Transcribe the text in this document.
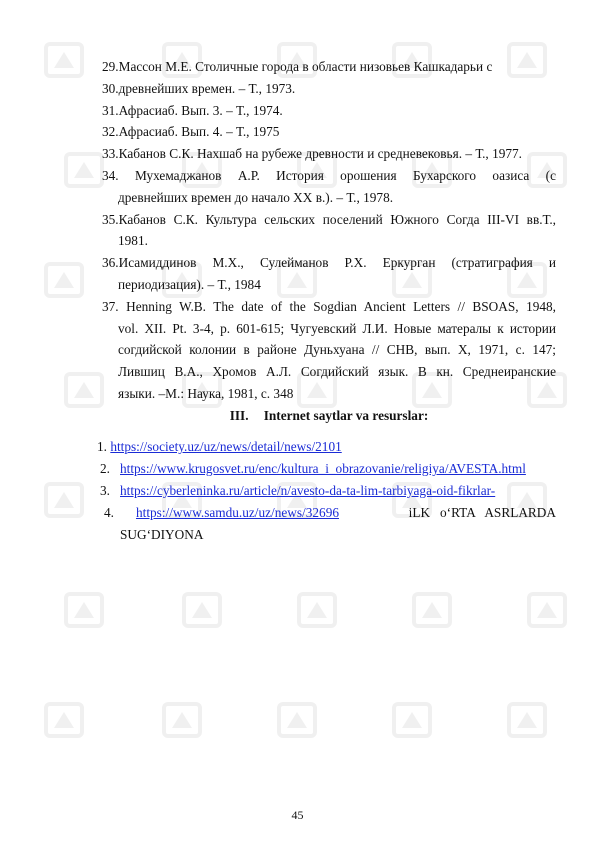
29.Массон М.Е. Столичные города в области низовьев Кашкадарьи с
30.древнейших времен. – Т., 1973.
31.Афрасиаб. Вып. 3. – Т., 1974.
32.Афрасиаб. Вып. 4. – Т., 1975
33.Кабанов С.К. Нахшаб на рубеже древности и средневековья. – Т., 1977.
34. Мухемаджанов А.Р. История орошения Бухарского оазиса (с
древнейших времен до начало XX в.). – Т., 1978.
35.Кабанов С.К. Культура сельских поселений Южного Согда III-VI вв.Т.,
1981.
36.Исамиддинов М.Х., Сулейманов Р.Х. Еркурган (стратиграфия и
периодизация). – Т., 1984
37. Henning W.B. The date of the Sogdian Ancient Letters // BSOAS, 1948,
vol. XII. Pt. 3-4, p. 601-615; Чугуевский Л.И. Новые матерaлы к истории
согдийской колонии в районе Дуньхуана // СНВ, вып. X, 1971, с. 147;
Лившиц В.А., Хромов А.Л. Согдийский язык. В кн. Среднеиранские
языки. –М.: Наука, 1981, с. 348
III. Internet saytlar va resurslar:
1. https://society.uz/uz/news/detail/news/2101
2. https://www.krugosvet.ru/enc/kultura_i_obrazovanie/religiya/AVESTA.html
3. https://cyberleninka.ru/article/n/avesto-da-ta-lim-tarbiyaga-oid-fikrlar-
4. https://www.samdu.uz/uz/news/32696	iLK   o‘RTA   ASRLARDA
SUG‘DIYONA
45
